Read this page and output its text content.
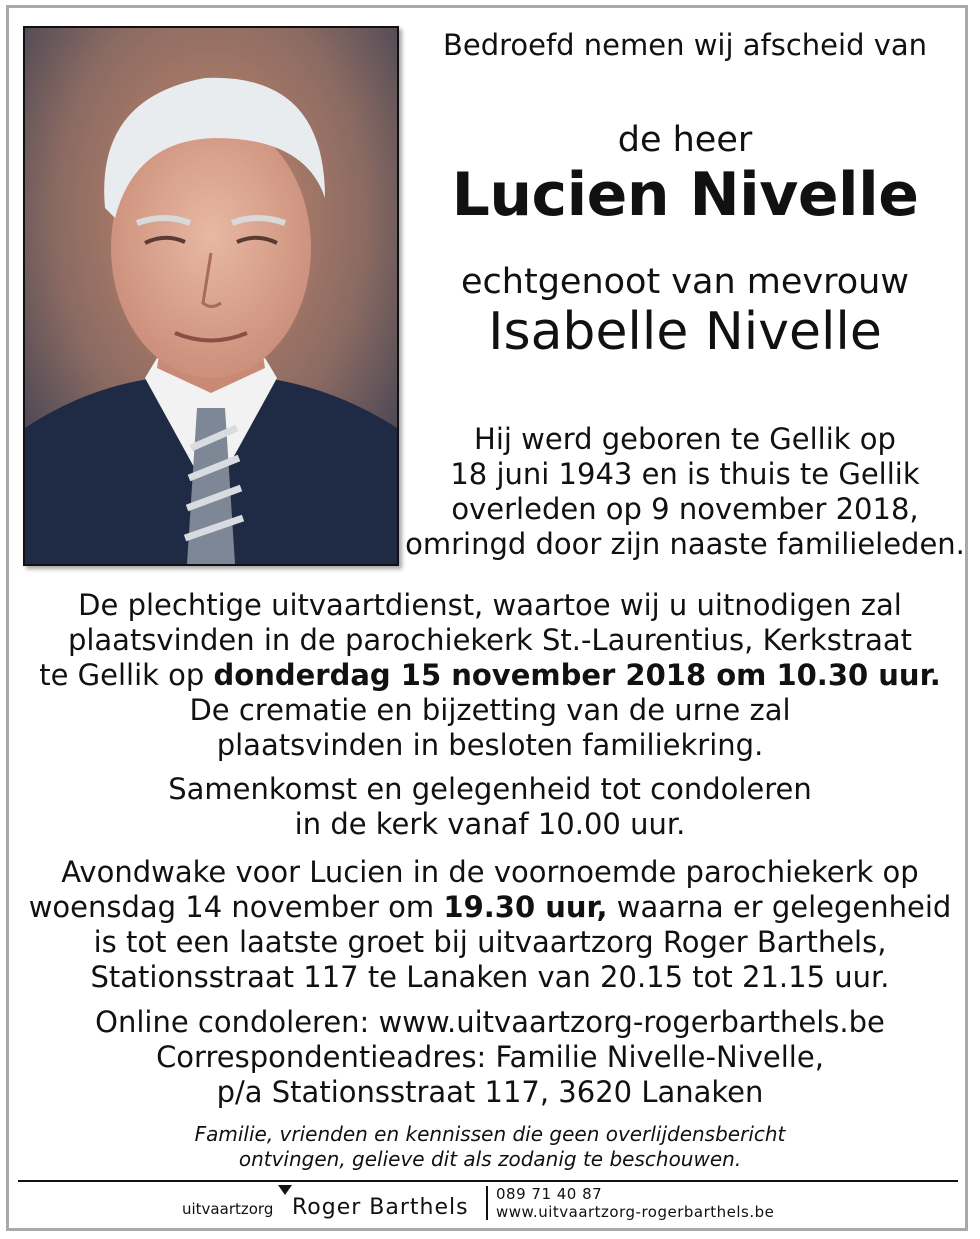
Bedroefd nemen wij afscheid van
de heer
Lucien Nivelle
echtgenoot van mevrouw
Isabelle Nivelle
Hij werd geboren te Gellik op
18 juni 1943 en is thuis te Gellik
overleden op 9 november 2018,
omringd door zijn naaste familieleden.
De plechtige uitvaartdienst, waartoe wij u uitnodigen zal
plaatsvinden in de parochiekerk St.-Laurentius, Kerkstraat
te Gellik op donderdag 15 november 2018 om 10.30 uur.
De crematie en bijzetting van de urne zal
plaatsvinden in besloten familiekring.
Samenkomst en gelegenheid tot condoleren
in de kerk vanaf 10.00 uur.
Avondwake voor Lucien in de voornoemde parochiekerk op
woensdag 14 november om 19.30 uur, waarna er gelegenheid
is tot een laatste groet bij uitvaartzorg Roger Barthels,
Stationsstraat 117 te Lanaken van 20.15 tot 21.15 uur.
Online condoleren: www.uitvaartzorg-rogerbarthels.be
Correspondentieadres: Familie Nivelle-Nivelle,
p/a Stationsstraat 117, 3620 Lanaken
Familie, vrienden en kennissen die geen overlijdensbericht
ontvingen, gelieve dit als zodanig te beschouwen.
uitvaartzorg Roger Barthels
089 71 40 87
www.uitvaartzorg-rogerbarthels.be
